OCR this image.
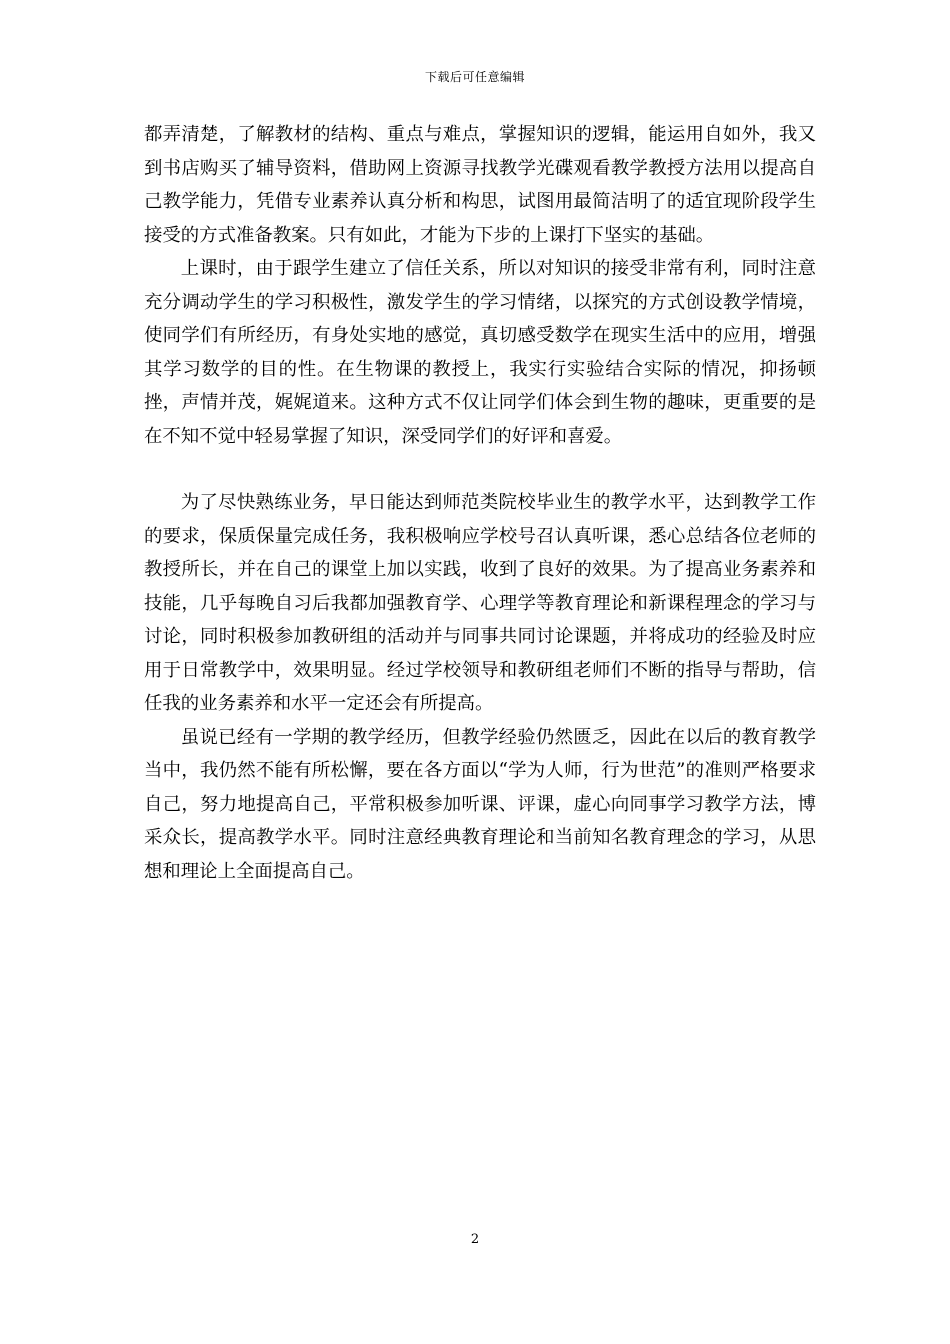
下载后可任意编辑

都弄清楚，了解教材的结构、重点与难点，掌握知识的逻辑，能运用自如外，我又到书店购买了辅导资料，借助网上资源寻找教学光碟观看教学教授方法用以提高自己教学能力，凭借专业素养认真分析和构思，试图用最简洁明了的适宜现阶段学生接受的方式准备教案。只有如此，才能为下步的上课打下坚实的基础。

上课时，由于跟学生建立了信任关系，所以对知识的接受非常有利，同时注意充分调动学生的学习积极性，激发学生的学习情绪，以探究的方式创设教学情境，使同学们有所经历，有身处实地的感觉，真切感受数学在现实生活中的应用，增强其学习数学的目的性。在生物课的教授上，我实行实验结合实际的情况，抑扬顿挫，声情并茂，娓娓道来。这种方式不仅让同学们体会到生物的趣味，更重要的是在不知不觉中轻易掌握了知识，深受同学们的好评和喜爱。

为了尽快熟练业务，早日能达到师范类院校毕业生的教学水平，达到教学工作的要求，保质保量完成任务，我积极响应学校号召认真听课，悉心总结各位老师的教授所长，并在自己的课堂上加以实践，收到了良好的效果。为了提高业务素养和技能，几乎每晚自习后我都加强教育学、心理学等教育理论和新课程理念的学习与讨论，同时积极参加教研组的活动并与同事共同讨论课题，并将成功的经验及时应用于日常教学中，效果明显。经过学校领导和教研组老师们不断的指导与帮助，信任我的业务素养和水平一定还会有所提高。

虽说已经有一学期的教学经历，但教学经验仍然匮乏，因此在以后的教育教学当中，我仍然不能有所松懈，要在各方面以“学为人师，行为世范”的准则严格要求自己，努力地提高自己，平常积极参加听课、评课，虚心向同事学习教学方法，博采众长，提高教学水平。同时注意经典教育理论和当前知名教育理念的学习，从思想和理论上全面提高自己。

2
